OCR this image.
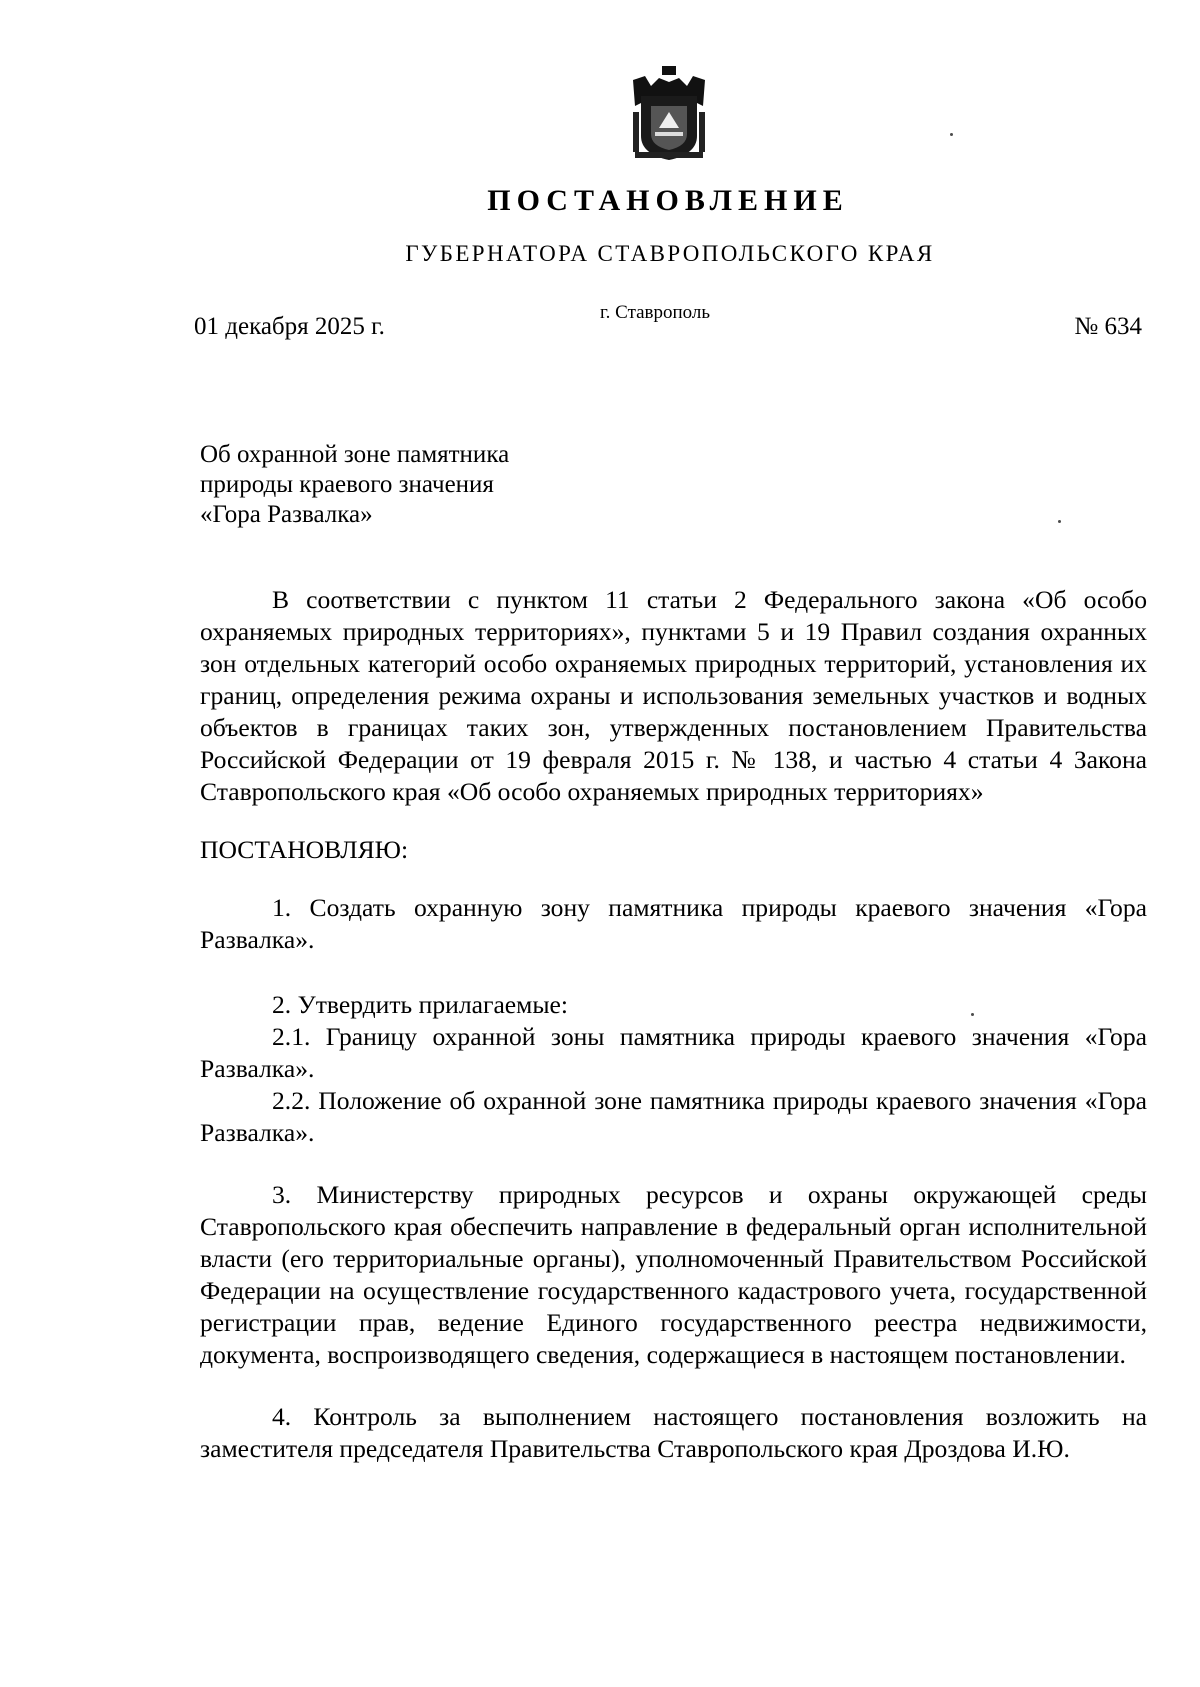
ПОСТАНОВЛЕНИЕ
ГУБЕРНАТОРА СТАВРОПОЛЬСКОГО КРАЯ
01 декабря 2025 г.
г. Ставрополь
№ 634
Об охранной зоне памятника
природы краевого значения
«Гора Развалка»

В соответствии с пунктом 11 статьи 2 Федерального закона «Об особо охраняемых природных территориях», пунктами 5 и 19 Правил создания охранных зон отдельных категорий особо охраняемых природных территорий, установления их границ, определения режима охраны и использования земельных участков и водных объектов в границах таких зон, утвержденных постановлением Правительства Российской Федерации от 19 февраля 2015 г. № 138, и частью 4 статьи 4 Закона Ставропольского края «Об особо охраняемых природных территориях»

ПОСТАНОВЛЯЮ:

1. Создать охранную зону памятника природы краевого значения «Гора Развалка».

2. Утвердить прилагаемые:

2.1. Границу охранной зоны памятника природы краевого значения «Гора Развалка».

2.2. Положение об охранной зоне памятника природы краевого значения «Гора Развалка».

3. Министерству природных ресурсов и охраны окружающей среды Ставропольского края обеспечить направление в федеральный орган исполнительной власти (его территориальные органы), уполномоченный Правительством Российской Федерации на осуществление государственного кадастрового учета, государственной регистрации прав, ведение Единого государственного реестра недвижимости, документа, воспроизводящего сведения, содержащиеся в настоящем постановлении.

4. Контроль за выполнением настоящего постановления возложить на заместителя председателя Правительства Ставропольского края Дроздова И.Ю.
